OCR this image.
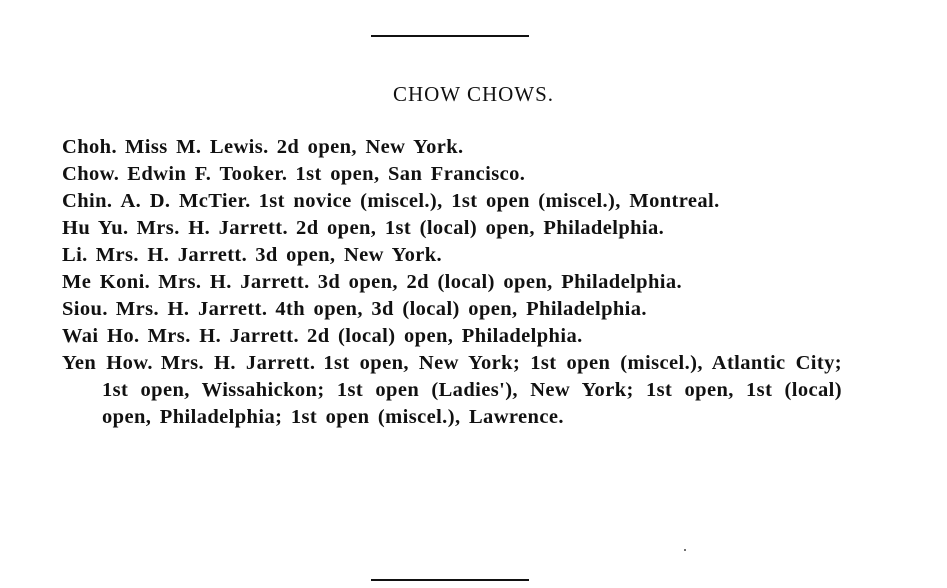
CHOW CHOWS.
Choh. Miss M. Lewis. 2d open, New York.
Chow. Edwin F. Tooker. 1st open, San Francisco.
Chin. A. D. McTier. 1st novice (miscel.), 1st open (miscel.), Montreal.
Hu Yu. Mrs. H. Jarrett. 2d open, 1st (local) open, Philadelphia.
Li. Mrs. H. Jarrett. 3d open, New York.
Me Koni. Mrs. H. Jarrett. 3d open, 2d (local) open, Philadelphia.
Siou. Mrs. H. Jarrett. 4th open, 3d (local) open, Philadelphia.
Wai Ho. Mrs. H. Jarrett. 2d (local) open, Philadelphia.
Yen How. Mrs. H. Jarrett. 1st open, New York; 1st open (miscel.), Atlantic City; 1st open, Wissahickon; 1st open (Ladies'), New York; 1st open, 1st (local) open, Philadelphia; 1st open (miscel.), Lawrence.
